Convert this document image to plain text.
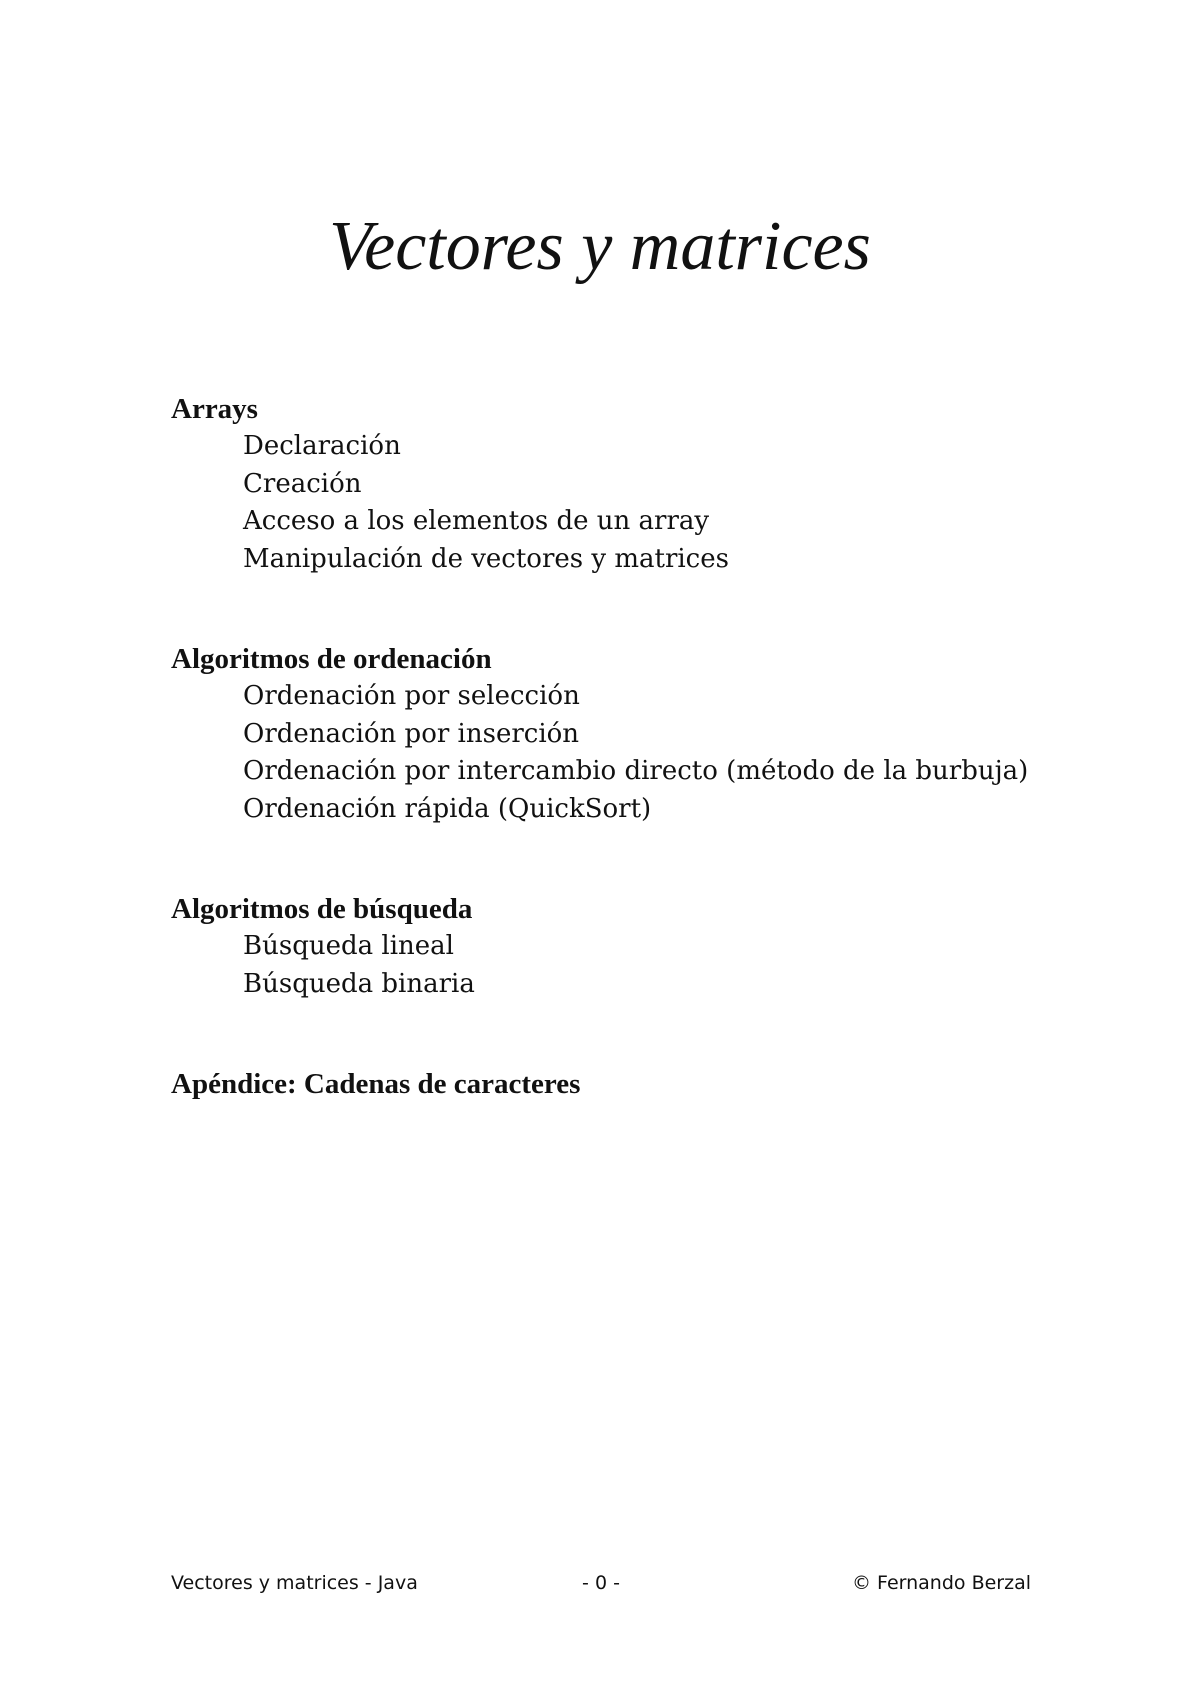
Vectores y matrices
Arrays
Declaración
Creación
Acceso a los elementos de un array
Manipulación de vectores y matrices
Algoritmos de ordenación
Ordenación por selección
Ordenación por inserción
Ordenación por intercambio directo (método de la burbuja)
Ordenación rápida (QuickSort)
Algoritmos de búsqueda
Búsqueda lineal
Búsqueda binaria
Apéndice: Cadenas de caracteres
Vectores y matrices - Java	- 0 -	© Fernando Berzal
